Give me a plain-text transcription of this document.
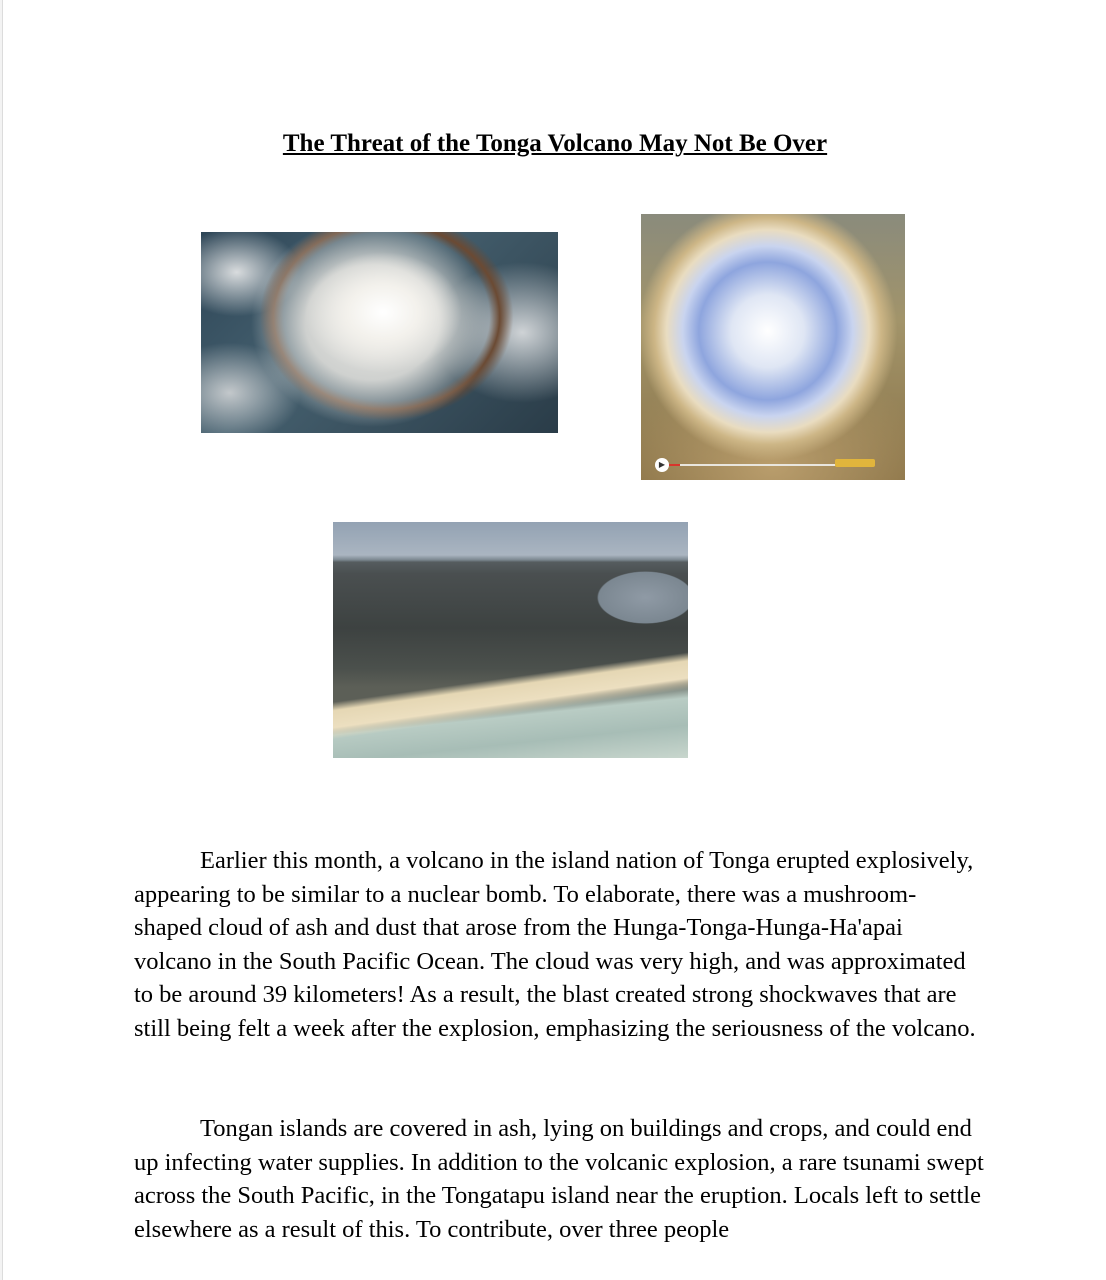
The Threat of the Tonga Volcano May Not Be Over
▶

Earlier this month, a volcano in the island nation of Tonga erupted explosively, appearing to be similar to a nuclear bomb. To elaborate, there was a mushroom-shaped cloud of ash and dust that arose from the Hunga-Tonga-Hunga-Ha'apai volcano in the South Pacific Ocean. The cloud was very high, and was approximated to be around 39 kilometers! As a result, the blast created strong shockwaves that are still being felt a week after the explosion, emphasizing the seriousness of the volcano.

Tongan islands are covered in ash, lying on buildings and crops, and could end up infecting water supplies. In addition to the volcanic explosion, a rare tsunami swept across the South Pacific, in the Tongatapu island near the eruption. Locals left to settle elsewhere as a result of this. To contribute, over three people
